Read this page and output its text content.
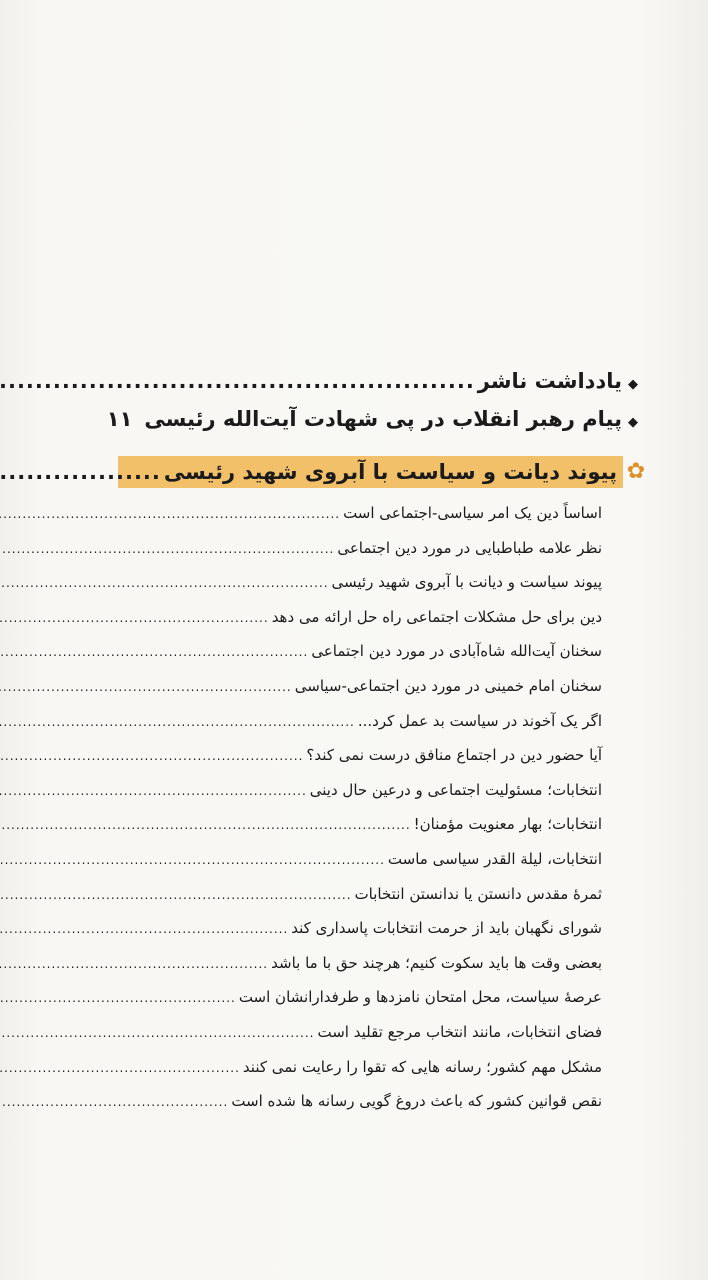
◆
یادداشت ناشر
.....
◆
پیام رهبر انقلاب در پی شهادت آیت‌الله رئیسی
۱۱
✿
پیوند دیانت و سیاست با آبروی شهید رئیسی
.....
اساساً دین یک امر سیاسی-اجتماعی است
.....
نظر علامه طباطبایی در مورد دین اجتماعی
.....
پیوند سیاست و دیانت با آبروی شهید رئیسی
.....
دین برای حل مشکلات اجتماعی راه حل ارائه می دهد
.....
سخنان آیت‌الله شاه‌آبادی در مورد دین اجتماعی
.....
سخنان امام خمینی در مورد دین اجتماعی-سیاسی
.....
اگر یک آخوند در سیاست بد عمل کرد...
.....
آیا حضور دین در اجتماع منافق درست نمی کند؟
.....
انتخابات؛ مسئولیت اجتماعی و درعین حال دینی
.....
انتخابات؛ بهار معنویت مؤمنان!
.....
انتخابات، لیلة القدر سیاسی ماست
.....
ثمرۀ مقدس دانستن یا ندانستن انتخابات
.....
شورای نگهبان باید از حرمت انتخابات پاسداری کند
.....
بعضی وقت ها باید سکوت کنیم؛ هرچند حق با ما باشد
.....
عرصۀ سیاست، محل امتحان نامزدها و طرفدارانشان است
.....
فضای انتخابات، مانند انتخاب مرجع تقلید است
.....
مشکل مهم کشور؛ رسانه هایی که تقوا را رعایت نمی کنند
.....
نقص قوانین کشور که باعث دروغ گویی رسانه ها شده است
.....
